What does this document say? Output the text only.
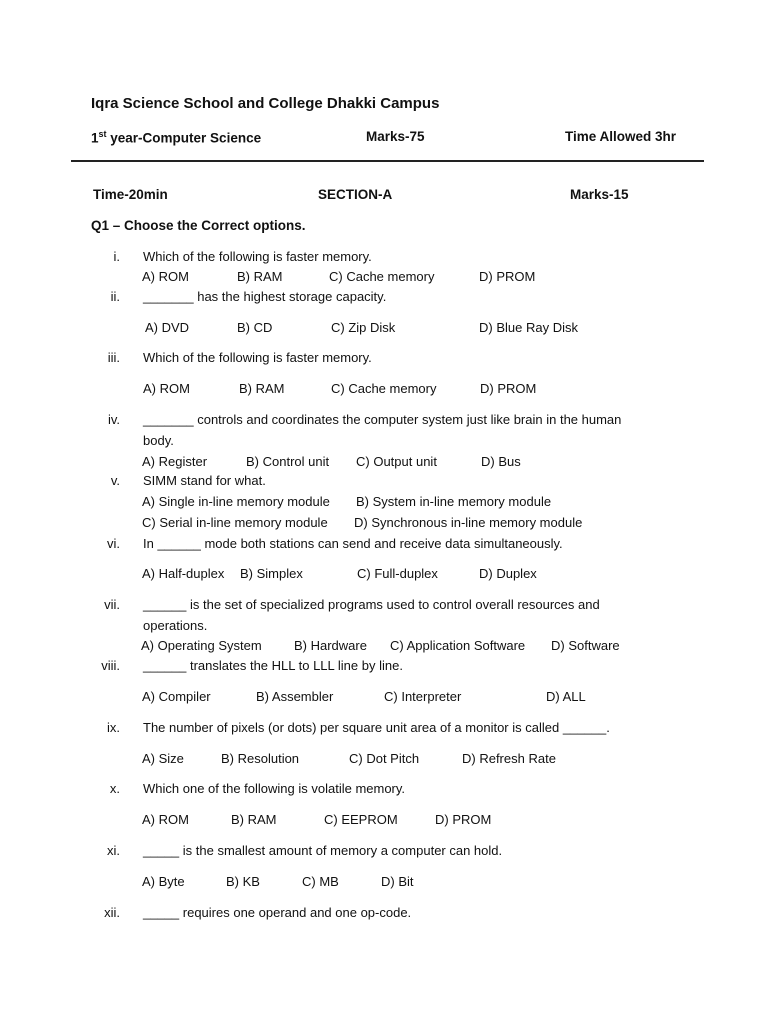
Iqra Science School and College Dhakki Campus
1st year-Computer Science	Marks-75	Time Allowed 3hr
Time-20min	SECTION-A	Marks-15
Q1 – Choose the Correct options.
i. Which of the following is faster memory.
A) ROM	B) RAM	C) Cache memory	D) PROM
ii. _______ has the highest storage capacity.
A) DVD	B) CD	C) Zip Disk	D) Blue Ray Disk
iii. Which of the following is faster memory.
A) ROM	B) RAM	C) Cache memory	D) PROM
iv. _______ controls and coordinates the computer system just like brain in the human
body.
A) Register	B) Control unit C) Output unit	D) Bus
v. SIMM stand for what.
A) Single in-line memory module B) System in-line memory module
C) Serial in-line memory module D) Synchronous in-line memory module
vi. In ______ mode both stations can send and receive data simultaneously.
A) Half-duplex B) Simplex	C) Full-duplex	D) Duplex
vii. ______ is the set of specialized programs used to control overall resources and
operations.
A) Operating System B) Hardware C) Application Software D) Software
viii. ______ translates the HLL to LLL line by line.
A) Compiler	B) Assembler	C) Interpreter	D) ALL
ix. The number of pixels (or dots) per square unit area of a monitor is called ______.
A) Size	B) Resolution	C) Dot Pitch	D) Refresh Rate
x. Which one of the following is volatile memory.
A) ROM	B) RAM	C) EEPROM	D) PROM
xi. _____ is the smallest amount of memory a computer can hold.
A) Byte	B) KB	C) MB	D) Bit
xii. _____ requires one operand and one op-code.
